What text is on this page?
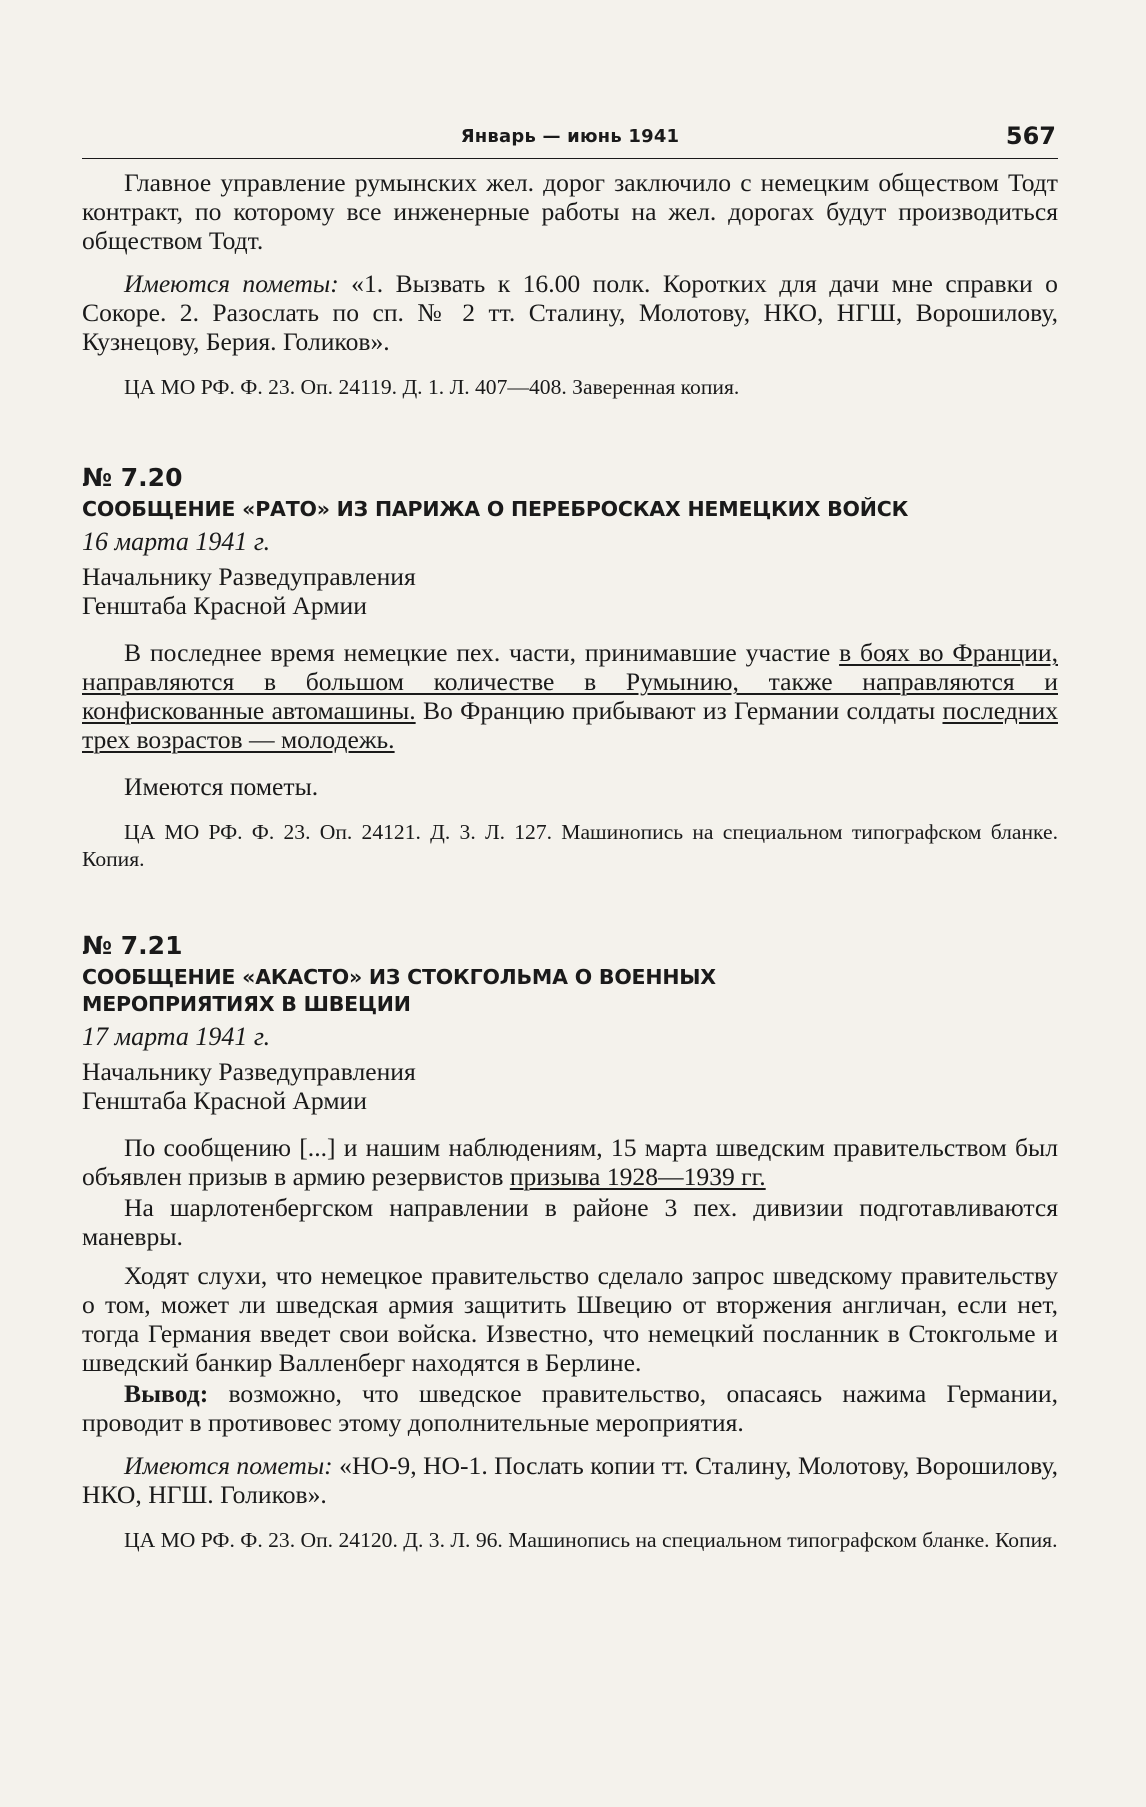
Январь — июнь 1941	567

Главное управление румынских жел. дорог заключило с немецким обществом Тодт контракт, по которому все инженерные работы на жел. дорогах будут производиться обществом Тодт.

Имеются пометы: «1. Вызвать к 16.00 полк. Коротких для дачи мне справки о Сокоре. 2. Разослать по сп. № 2 тт. Сталину, Молотову, НКО, НГШ, Ворошилову, Кузнецову, Берия. Голиков».

ЦА МО РФ. Ф. 23. Оп. 24119. Д. 1. Л. 407—408. Заверенная копия.

№ 7.20
СООБЩЕНИЕ «РАТО» ИЗ ПАРИЖА О ПЕРЕБРОСКАХ НЕМЕЦКИХ ВОЙСК
16 марта 1941 г.
Начальнику Разведуправления
Генштаба Красной Армии

В последнее время немецкие пех. части, принимавшие участие в боях во Франции, направляются в большом количестве в Румынию, также направляются и конфискованные автомашины. Во Францию прибывают из Германии солдаты последних трех возрастов — молодежь.

Имеются пометы.

ЦА МО РФ. Ф. 23. Оп. 24121. Д. 3. Л. 127. Машинопись на специальном типографском бланке. Копия.

№ 7.21
СООБЩЕНИЕ «АКАСТО» ИЗ СТОКГОЛЬМА О ВОЕННЫХ
МЕРОПРИЯТИЯХ В ШВЕЦИИ
17 марта 1941 г.
Начальнику Разведуправления
Генштаба Красной Армии

По сообщению [...] и нашим наблюдениям, 15 марта шведским правительством был объявлен призыв в армию резервистов призыва 1928—1939 гг.

На шарлотенбергском направлении в районе 3 пех. дивизии подготавливаются маневры.

Ходят слухи, что немецкое правительство сделало запрос шведскому правительству о том, может ли шведская армия защитить Швецию от вторжения англичан, если нет, тогда Германия введет свои войска. Известно, что немецкий посланник в Стокгольме и шведский банкир Валленберг находятся в Берлине.

Вывод: возможно, что шведское правительство, опасаясь нажима Германии, проводит в противовес этому дополнительные мероприятия.

Имеются пометы: «НО-9, НО-1. Послать копии тт. Сталину, Молотову, Ворошилову, НКО, НГШ. Голиков».

ЦА МО РФ. Ф. 23. Оп. 24120. Д. 3. Л. 96. Машинопись на специальном типографском бланке. Копия.
